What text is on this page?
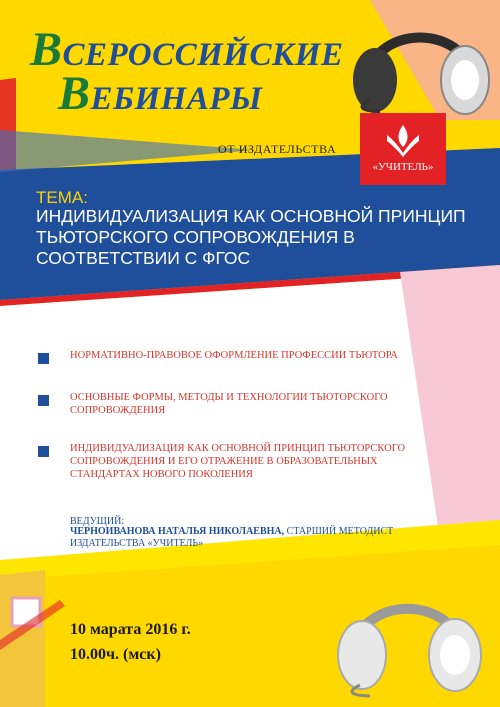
ВСЕРОССИЙСКИЕ
ВЕБИНАРЫ
ОТ ИЗДАТЕЛЬСТВА
«УЧИТЕЛЬ»
ТЕМА:
ИНДИВИДУАЛИЗАЦИЯ КАК ОСНОВНОЙ ПРИНЦИП ТЬЮТОРСКОГО СОПРОВОЖДЕНИЯ В СООТВЕТСТВИИ С ФГОС
НОРМАТИВНО-ПРАВОВОЕ ОФОРМЛЕНИЕ ПРОФЕССИИ ТЬЮТОРА
ОСНОВНЫЕ ФОРМЫ, МЕТОДЫ И ТЕХНОЛОГИИ ТЬЮТОРСКОГО СОПРОВОЖДЕНИЯ
ИНДИВИДУАЛИЗАЦИЯ КАК ОСНОВНОЙ ПРИНЦИП ТЬЮТОРСКОГО СОПРОВОЖДЕНИЯ И ЕГО ОТРАЖЕНИЕ В ОБРАЗОВАТЕЛЬНЫХ СТАНДАРТАХ НОВОГО ПОКОЛЕНИЯ
ВЕДУЩИЙ:
ЧЕРНОИВАНОВА НАТАЛЬЯ НИКОЛАЕВНА, СТАРШИЙ МЕТОДИСТ ИЗДАТЕЛЬСТВА «УЧИТЕЛЬ»
10 марата 2016 г.
10.00ч. (мск)
